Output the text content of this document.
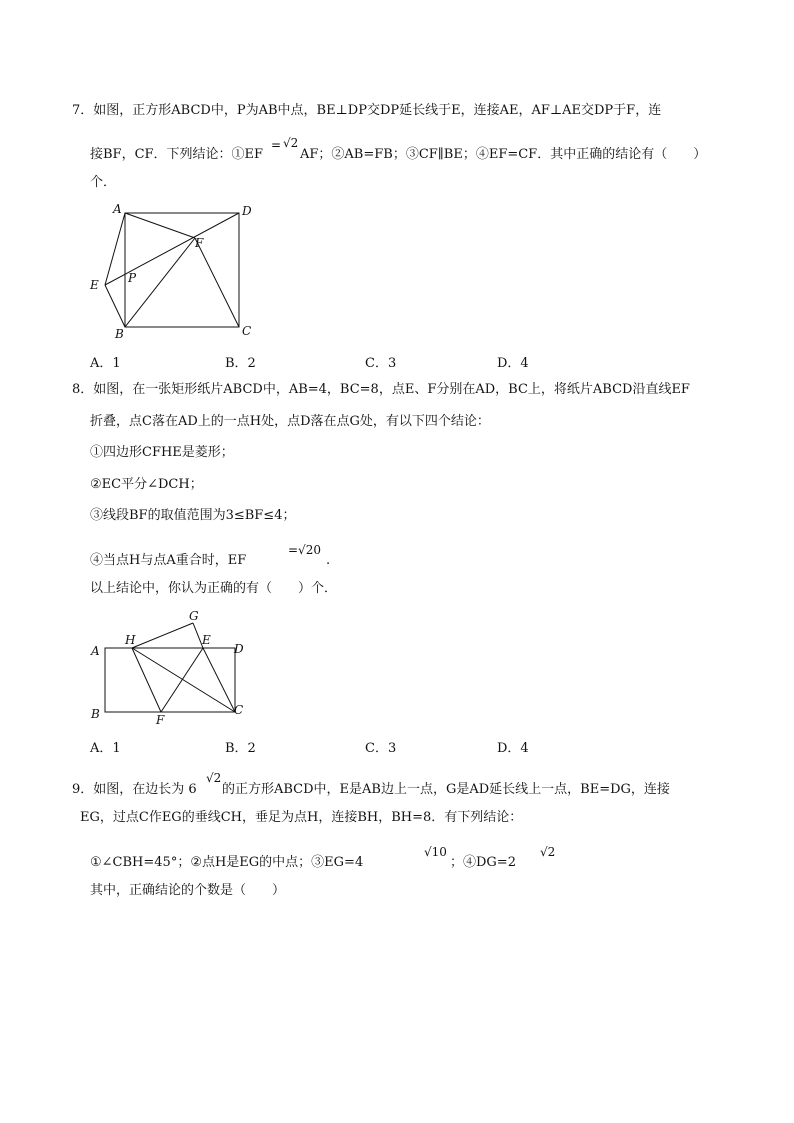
7．如图，正方形ABCD中，P为AB中点，BE⊥DP交DP延长线于E，连接AE，AF⊥AE交DP于F，连
接BF，CF．下列结论：①EF
= √2
AF；②AB=FB；③CF∥BE；④EF=CF．其中正确的结论有（　　）
个．
A	D
F
E P
B	C
A．1	B．2	C．3	D．4
8．如图，在一张矩形纸片ABCD中，AB=4，BC=8，点E、F分别在AD，BC上，将纸片ABCD沿直线EF
折叠，点C落在AD上的一点H处，点D落在点G处，有以下四个结论：
①四边形CFHE是菱形；
②EC平分∠DCH；
③线段BF的取值范围为3≤BF≤4；
④当点H与点A重合时，EF
=√20
.
以上结论中，你认为正确的有（　　）个．
G
H	E
A	D
B	F
C
A．1	B．2	C．3	D．4
9．如图，在边长为 6
√2
的正方形ABCD中，E是AB边上一点，G是AD延长线上一点，BE=DG，连接
EG，过点C作EG的垂线CH，垂足为点H，连接BH，BH=8．有下列结论：
①∠CBH=45°；②点H是EG的中点；③EG=4
√10
；④DG=2
√2
其中，正确结论的个数是（　　）
